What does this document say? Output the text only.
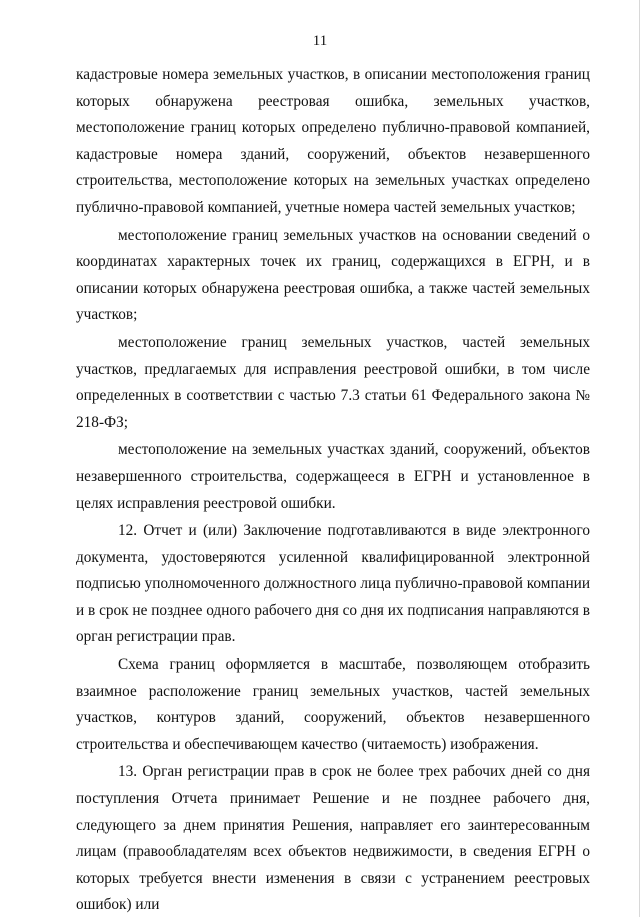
11

кадастровые номера земельных участков, в описании местоположения границ которых обнаружена реестровая ошибка, земельных участков, местоположение границ которых определено публично-правовой компанией, кадастровые номера зданий, сооружений, объектов незавершенного строительства, местоположение которых на земельных участках определено публично-правовой компанией, учетные номера частей земельных участков;

местоположение границ земельных участков на основании сведений о координатах характерных точек их границ, содержащихся в ЕГРН, и в описании которых обнаружена реестровая ошибка, а также частей земельных участков;

местоположение границ земельных участков, частей земельных участков, предлагаемых для исправления реестровой ошибки, в том числе определенных в соответствии с частью 7.3 статьи 61 Федерального закона № 218-ФЗ;

местоположение на земельных участках зданий, сооружений, объектов незавершенного строительства, содержащееся в ЕГРН и установленное в целях исправления реестровой ошибки.

12. Отчет и (или) Заключение подготавливаются в виде электронного документа, удостоверяются усиленной квалифицированной электронной подписью уполномоченного должностного лица публично-правовой компании и в срок не позднее одного рабочего дня со дня их подписания направляются в орган регистрации прав.

Схема границ оформляется в масштабе, позволяющем отобразить взаимное расположение границ земельных участков, частей земельных участков, контуров зданий, сооружений, объектов незавершенного строительства и обеспечивающем качество (читаемость) изображения.

13. Орган регистрации прав в срок не более трех рабочих дней со дня поступления Отчета принимает Решение и не позднее рабочего дня, следующего за днем принятия Решения, направляет его заинтересованным лицам (правообладателям всех объектов недвижимости, в сведения ЕГРН о которых требуется внести изменения в связи с устранением реестровых ошибок) или
